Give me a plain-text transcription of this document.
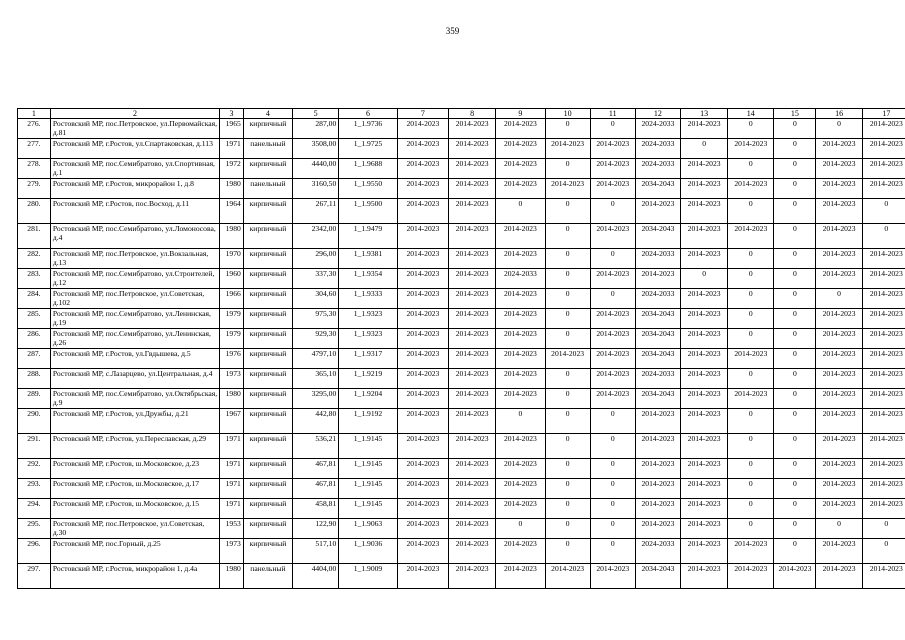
359
1	2	3	4	5	6	7	8	9	10	11	12	13	14	15	16	17
276.	Ростовский МР, пос.Петровское, ул.Первомайская, д.81	1965	кирпичный	287,00	1_1.9736	2014-2023	2014-2023	2014-2023	0	0	2024-2033	2014-2023	0	0	0	2014-2023
277.	Ростовский МР, г.Ростов, ул.Спартаковская, д.113	1971	панельный	3508,00	1_1.9725	2014-2023	2014-2023	2014-2023	2014-2023	2014-2023	2024-2033	0	2014-2023	0	2014-2023	2014-2023
278.	Ростовский МР, пос.Семибратово, ул.Спортивная, д.1	1972	кирпичный	4440,00	1_1.9688	2014-2023	2014-2023	2014-2023	0	2014-2023	2024-2033	2014-2023	0	0	2014-2023	2014-2023
279.	Ростовский МР, г.Ростов, микрорайон 1, д.8	1980	панельный	3160,50	1_1.9550	2014-2023	2014-2023	2014-2023	2014-2023	2014-2023	2034-2043	2014-2023	2014-2023	0	2014-2023	2014-2023
280.	Ростовский МР, г.Ростов, пос.Восход, д.11	1964	кирпичный	267,11	1_1.9500	2014-2023	2014-2023	0	0	0	2014-2023	2014-2023	0	0	2014-2023	0
281.	Ростовский МР, пос.Семибратово, ул.Ломоносова, д.4	1980	кирпичный	2342,00	1_1.9479	2014-2023	2014-2023	2014-2023	0	2014-2023	2034-2043	2014-2023	2014-2023	0	2014-2023	0
282.	Ростовский МР, пос.Петровское, ул.Вокзальная, д.13	1970	кирпичный	296,00	1_1.9381	2014-2023	2014-2023	2014-2023	0	0	2024-2033	2014-2023	0	0	2014-2023	2014-2023
283.	Ростовский МР, пос.Семибратово, ул.Строителей, д.12	1960	кирпичный	337,30	1_1.9354	2014-2023	2014-2023	2024-2033	0	2014-2023	2014-2023	0	0	0	2014-2023	2014-2023
284.	Ростовский МР, пос.Петровское, ул.Советская, д.102	1966	кирпичный	304,60	1_1.9333	2014-2023	2014-2023	2014-2023	0	0	2024-2033	2014-2023	0	0	0	2014-2023
285.	Ростовский МР, пос.Семибратово, ул.Ленинская, д.19	1979	кирпичный	975,30	1_1.9323	2014-2023	2014-2023	2014-2023	0	2014-2023	2034-2043	2014-2023	0	0	2014-2023	2014-2023
286.	Ростовский МР, пос.Семибратово, ул.Ленинская, д.26	1979	кирпичный	929,30	1_1.9323	2014-2023	2014-2023	2014-2023	0	2014-2023	2034-2043	2014-2023	0	0	2014-2023	2014-2023
287.	Ростовский МР, г.Ростов, ул.Гвдышева, д.5	1976	кирпичный	4797,10	1_1.9317	2014-2023	2014-2023	2014-2023	2014-2023	2014-2023	2034-2043	2014-2023	2014-2023	0	2014-2023	2014-2023
288.	Ростовский МР, с.Лазарцево, ул.Центральная, д.4	1973	кирпичный	365,10	1_1.9219	2014-2023	2014-2023	2014-2023	0	2014-2023	2024-2033	2014-2023	0	0	2014-2023	2014-2023
289.	Ростовский МР, пос.Семибратово, ул.Октябрьская, д.9	1980	кирпичный	3295,00	1_1.9204	2014-2023	2014-2023	2014-2023	0	2014-2023	2034-2043	2014-2023	2014-2023	0	2014-2023	2014-2023
290.	Ростовский МР, г.Ростов, ул.Дружбы, д.21	1967	кирпичный	442,80	1_1.9192	2014-2023	2014-2023	0	0	0	2014-2023	2014-2023	0	0	2014-2023	2014-2023
291.	Ростовский МР, г.Ростов, ул.Переславская, д.29	1971	кирпичный	536,21	1_1.9145	2014-2023	2014-2023	2014-2023	0	0	2014-2023	2014-2023	0	0	2014-2023	2014-2023
292.	Ростовский МР, г.Ростов, ш.Московское, д.23	1971	кирпичный	467,81	1_1.9145	2014-2023	2014-2023	2014-2023	0	0	2014-2023	2014-2023	0	0	2014-2023	2014-2023
293.	Ростовский МР, г.Ростов, ш.Московское, д.17	1971	кирпичный	467,81	1_1.9145	2014-2023	2014-2023	2014-2023	0	0	2014-2023	2014-2023	0	0	2014-2023	2014-2023
294.	Ростовский МР, г.Ростов, ш.Московское, д.15	1971	кирпичный	458,81	1_1.9145	2014-2023	2014-2023	2014-2023	0	0	2014-2023	2014-2023	0	0	2014-2023	2014-2023
295.	Ростовский МР, пос.Петровское, ул.Советская, д.30	1953	кирпичный	122,90	1_1.9063	2014-2023	2014-2023	0	0	0	2014-2023	2014-2023	0	0	0	0
296.	Ростовский МР, пос.Горный, д.25	1973	кирпичный	517,10	1_1.9036	2014-2023	2014-2023	2014-2023	0	0	2024-2033	2014-2023	2014-2023	0	2014-2023	0
297.	Ростовский МР, г.Ростов, микрорайон 1, д.4а	1980	панельный	4404,00	1_1.9009	2014-2023	2014-2023	2014-2023	2014-2023	2014-2023	2034-2043	2014-2023	2014-2023	2014-2023	2014-2023	2014-2023
